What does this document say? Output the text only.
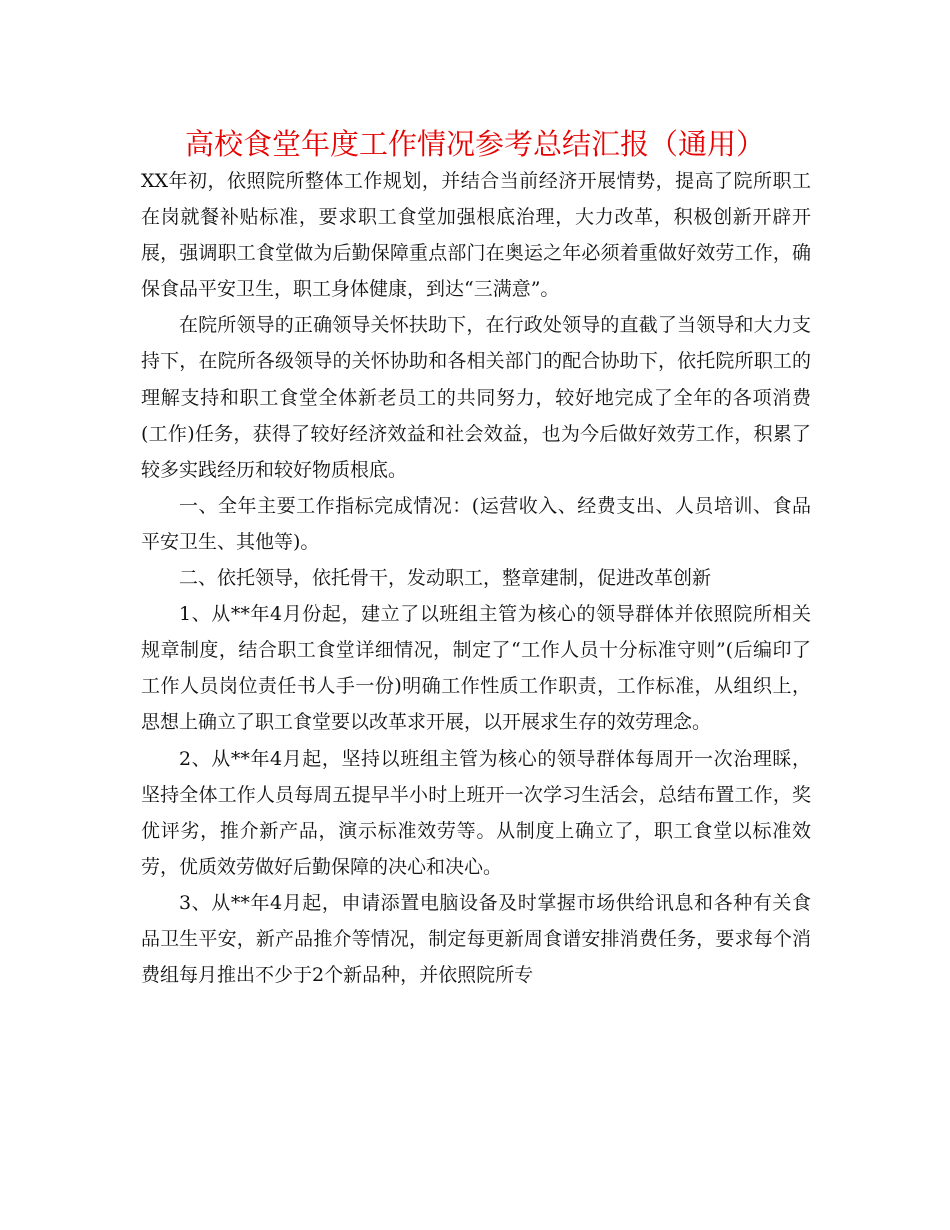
高校食堂年度工作情况参考总结汇报（通用）

XX年初，依照院所整体工作规划，并结合当前经济开展情势，提高了院所职工在岗就餐补贴标准，要求职工食堂加强根底治理，大力改革，积极创新开辟开展，强调职工食堂做为后勤保障重点部门在奥运之年必须着重做好效劳工作，确保食品平安卫生，职工身体健康，到达“三满意”。

在院所领导的正确领导关怀扶助下，在行政处领导的直截了当领导和大力支持下，在院所各级领导的关怀协助和各相关部门的配合协助下，依托院所职工的理解支持和职工食堂全体新老员工的共同努力，较好地完成了全年的各项消费(工作)任务，获得了较好经济效益和社会效益，也为今后做好效劳工作，积累了较多实践经历和较好物质根底。

一、全年主要工作指标完成情况：(运营收入、经费支出、人员培训、食品平安卫生、其他等)。

二、依托领导，依托骨干，发动职工，整章建制，促进改革创新

1、从**年4月份起，建立了以班组主管为核心的领导群体并依照院所相关规章制度，结合职工食堂详细情况，制定了“工作人员十分标准守则”(后编印了工作人员岗位责任书人手一份)明确工作性质工作职责，工作标准，从组织上，思想上确立了职工食堂要以改革求开展，以开展求生存的效劳理念。

2、从**年4月起，坚持以班组主管为核心的领导群体每周开一次治理睬，坚持全体工作人员每周五提早半小时上班开一次学习生活会，总结布置工作，奖优评劣，推介新产品，演示标准效劳等。从制度上确立了，职工食堂以标准效劳，优质效劳做好后勤保障的决心和决心。

3、从**年4月起，申请添置电脑设备及时掌握市场供给讯息和各种有关食品卫生平安，新产品推介等情况，制定每更新周食谱安排消费任务，要求每个消费组每月推出不少于2个新品种，并依照院所专
